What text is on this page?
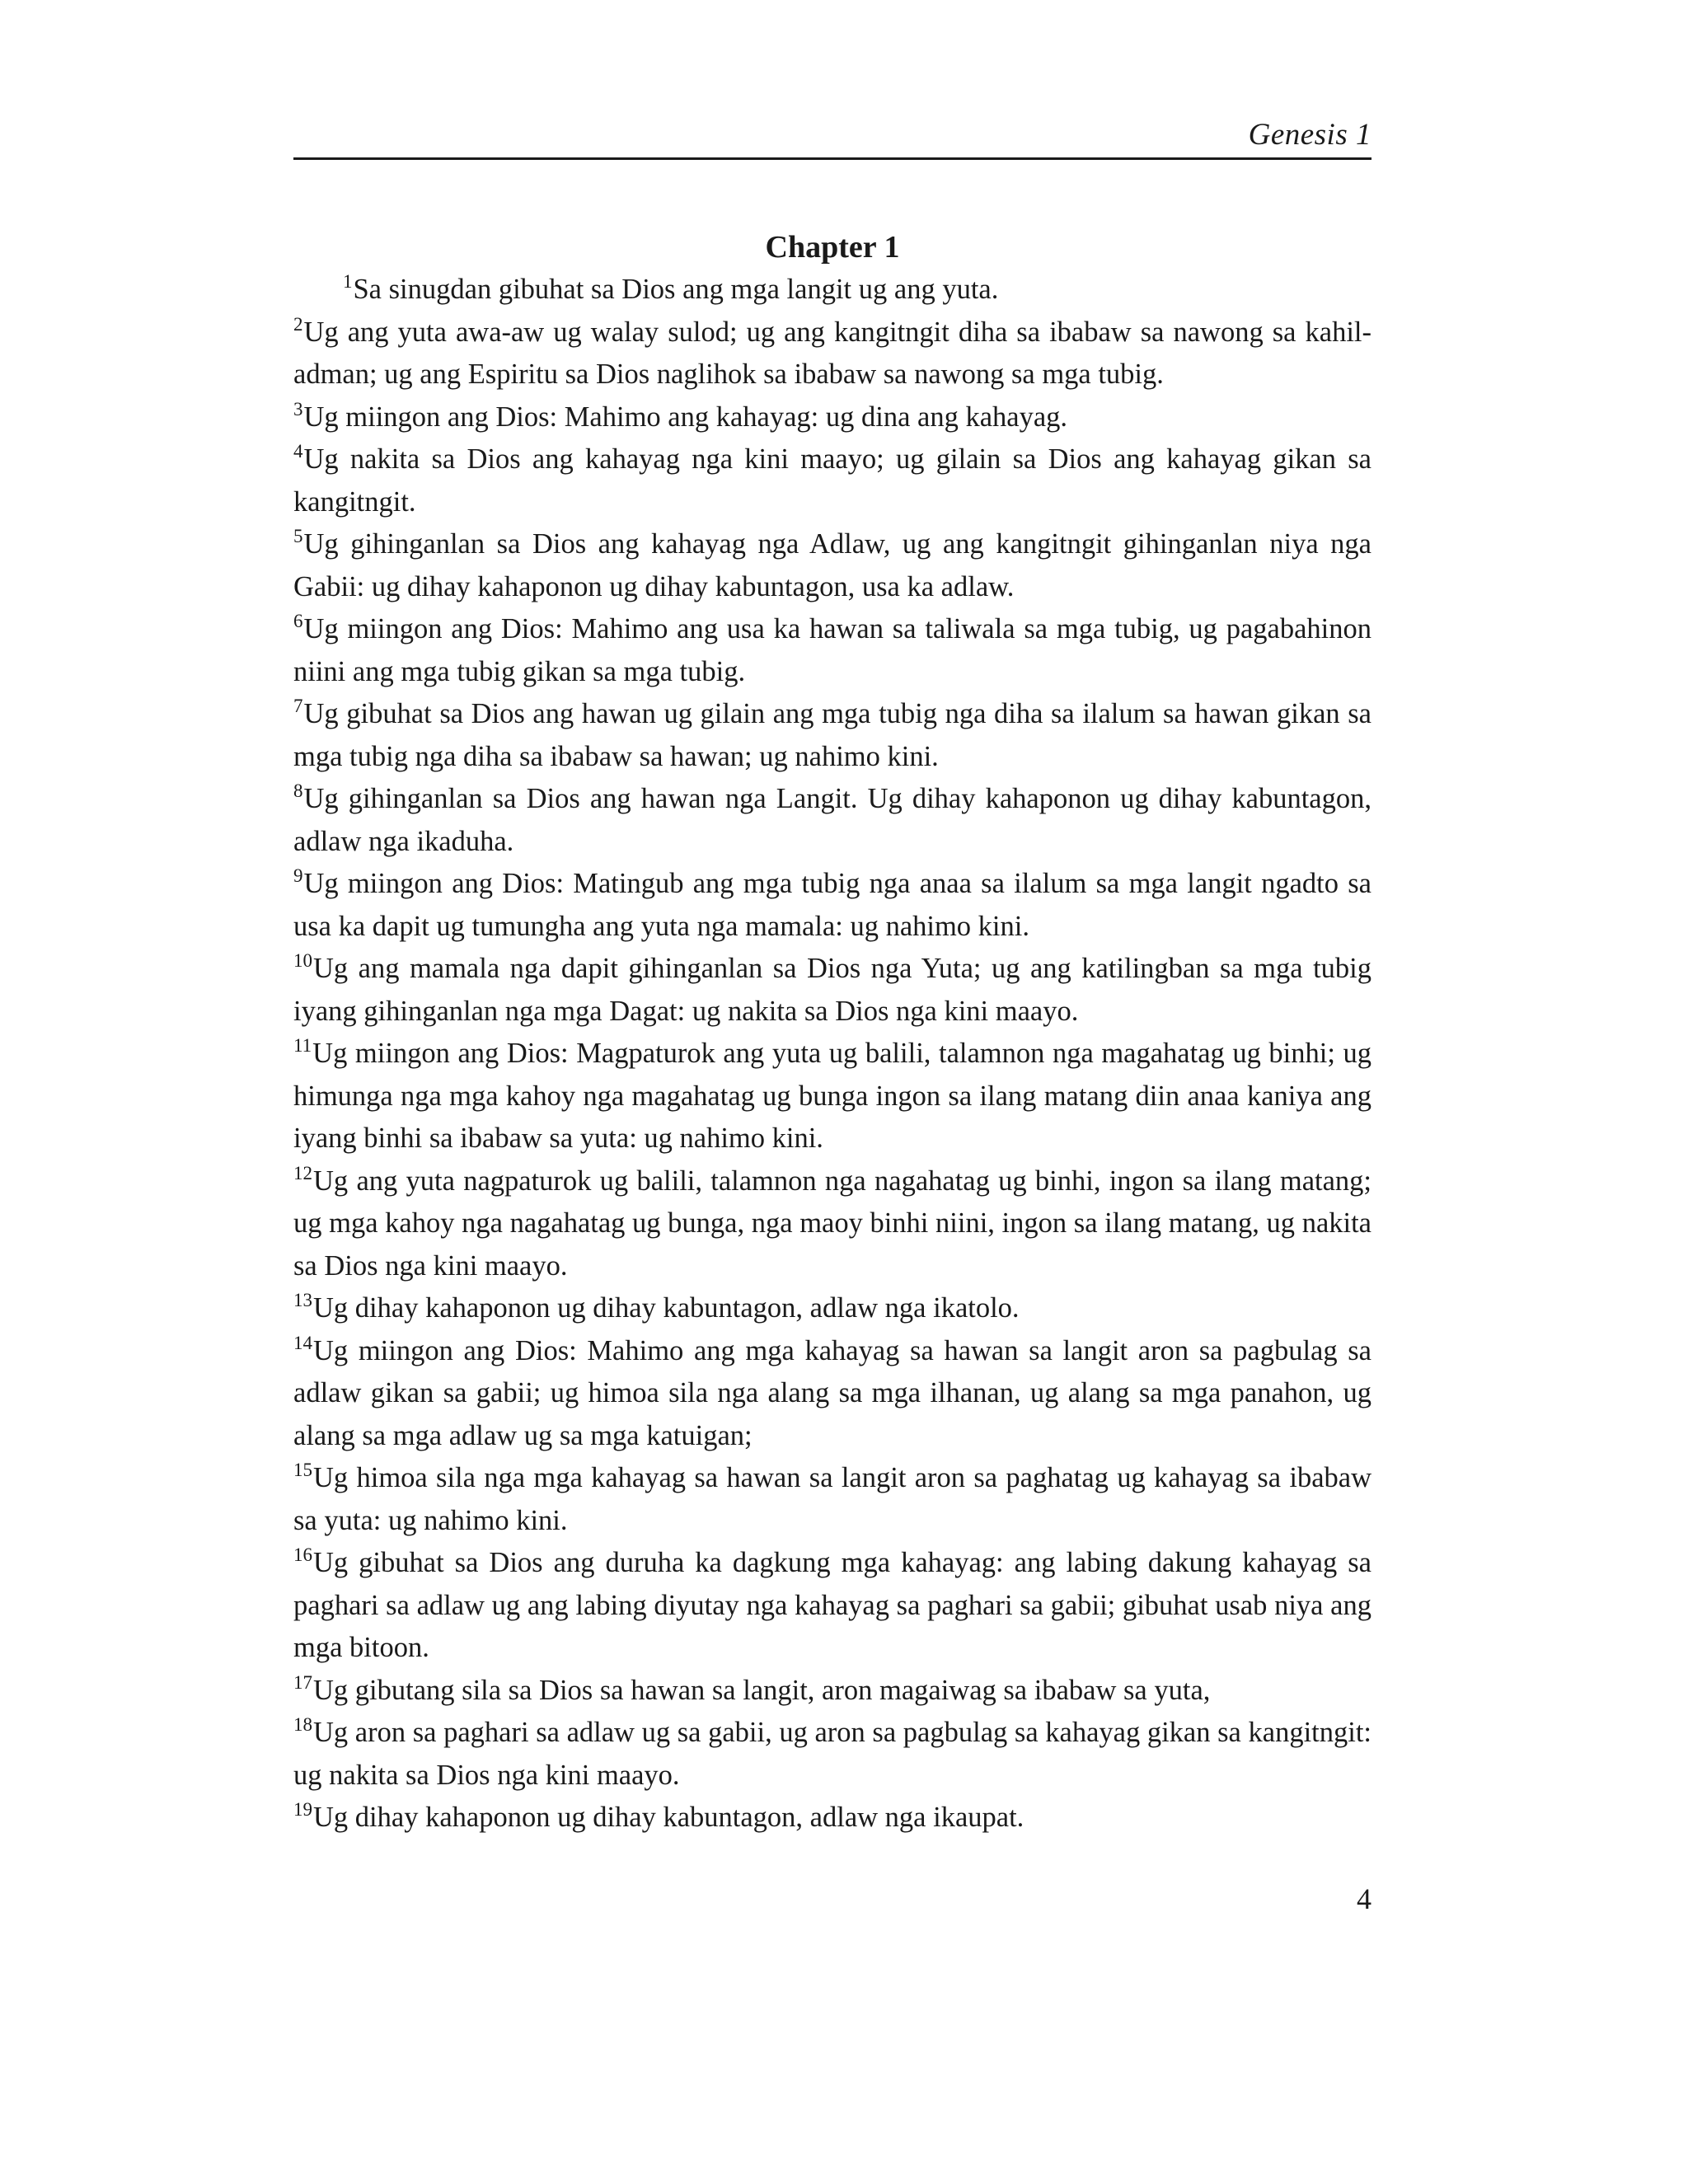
Genesis 1
Chapter 1

$^1$Sa sinugdan gibuhat sa Dios ang mga langit ug ang yuta.

$^2$Ug ang yuta awa-aw ug walay sulod; ug ang kangitngit diha sa ibabaw sa nawong sa kahil-adman; ug ang Espiritu sa Dios naglihok sa ibabaw sa nawong sa mga tubig.

$^3$Ug miingon ang Dios: Mahimo ang kahayag: ug dina ang kahayag.

$^4$Ug nakita sa Dios ang kahayag nga kini maayo; ug gilain sa Dios ang kahayag gikan sa kangitngit.

$^5$Ug gihinganlan sa Dios ang kahayag nga Adlaw, ug ang kangitngit gihinganlan niya nga Gabii: ug dihay kahaponon ug dihay kabuntagon, usa ka adlaw.

$^6$Ug miingon ang Dios: Mahimo ang usa ka hawan sa taliwala sa mga tubig, ug pagabahinon niini ang mga tubig gikan sa mga tubig.

$^7$Ug gibuhat sa Dios ang hawan ug gilain ang mga tubig nga diha sa ilalum sa hawan gikan sa mga tubig nga diha sa ibabaw sa hawan; ug nahimo kini.

$^8$Ug gihinganlan sa Dios ang hawan nga Langit. Ug dihay kahaponon ug dihay kabuntagon, adlaw nga ikaduha.

$^9$Ug miingon ang Dios: Matingub ang mga tubig nga anaa sa ilalum sa mga langit ngadto sa usa ka dapit ug tumungha ang yuta nga mamala: ug nahimo kini.

$^{10}$Ug ang mamala nga dapit gihinganlan sa Dios nga Yuta; ug ang katilingban sa mga tubig iyang gihinganlan nga mga Dagat: ug nakita sa Dios nga kini maayo.

$^{11}$Ug miingon ang Dios: Magpaturok ang yuta ug balili, talamnon nga magahatag ug binhi; ug himunga nga mga kahoy nga magahatag ug bunga ingon sa ilang matang diin anaa kaniya ang iyang binhi sa ibabaw sa yuta: ug nahimo kini.

$^{12}$Ug ang yuta nagpaturok ug balili, talamnon nga nagahatag ug binhi, ingon sa ilang matang; ug mga kahoy nga nagahatag ug bunga, nga maoy binhi niini, ingon sa ilang matang, ug nakita sa Dios nga kini maayo.

$^{13}$Ug dihay kahaponon ug dihay kabuntagon, adlaw nga ikatolo.

$^{14}$Ug miingon ang Dios: Mahimo ang mga kahayag sa hawan sa langit aron sa pagbulag sa adlaw gikan sa gabii; ug himoa sila nga alang sa mga ilhanan, ug alang sa mga panahon, ug alang sa mga adlaw ug sa mga katuigan;

$^{15}$Ug himoa sila nga mga kahayag sa hawan sa langit aron sa paghatag ug kahayag sa ibabaw sa yuta: ug nahimo kini.

$^{16}$Ug gibuhat sa Dios ang duruha ka dagkung mga kahayag: ang labing dakung kahayag sa paghari sa adlaw ug ang labing diyutay nga kahayag sa paghari sa gabii; gibuhat usab niya ang mga bitoon.

$^{17}$Ug gibutang sila sa Dios sa hawan sa langit, aron magaiwag sa ibabaw sa yuta,

$^{18}$Ug aron sa paghari sa adlaw ug sa gabii, ug aron sa pagbulag sa kahayag gikan sa kangitngit: ug nakita sa Dios nga kini maayo.

$^{19}$Ug dihay kahaponon ug dihay kabuntagon, adlaw nga ikaupat.

4
